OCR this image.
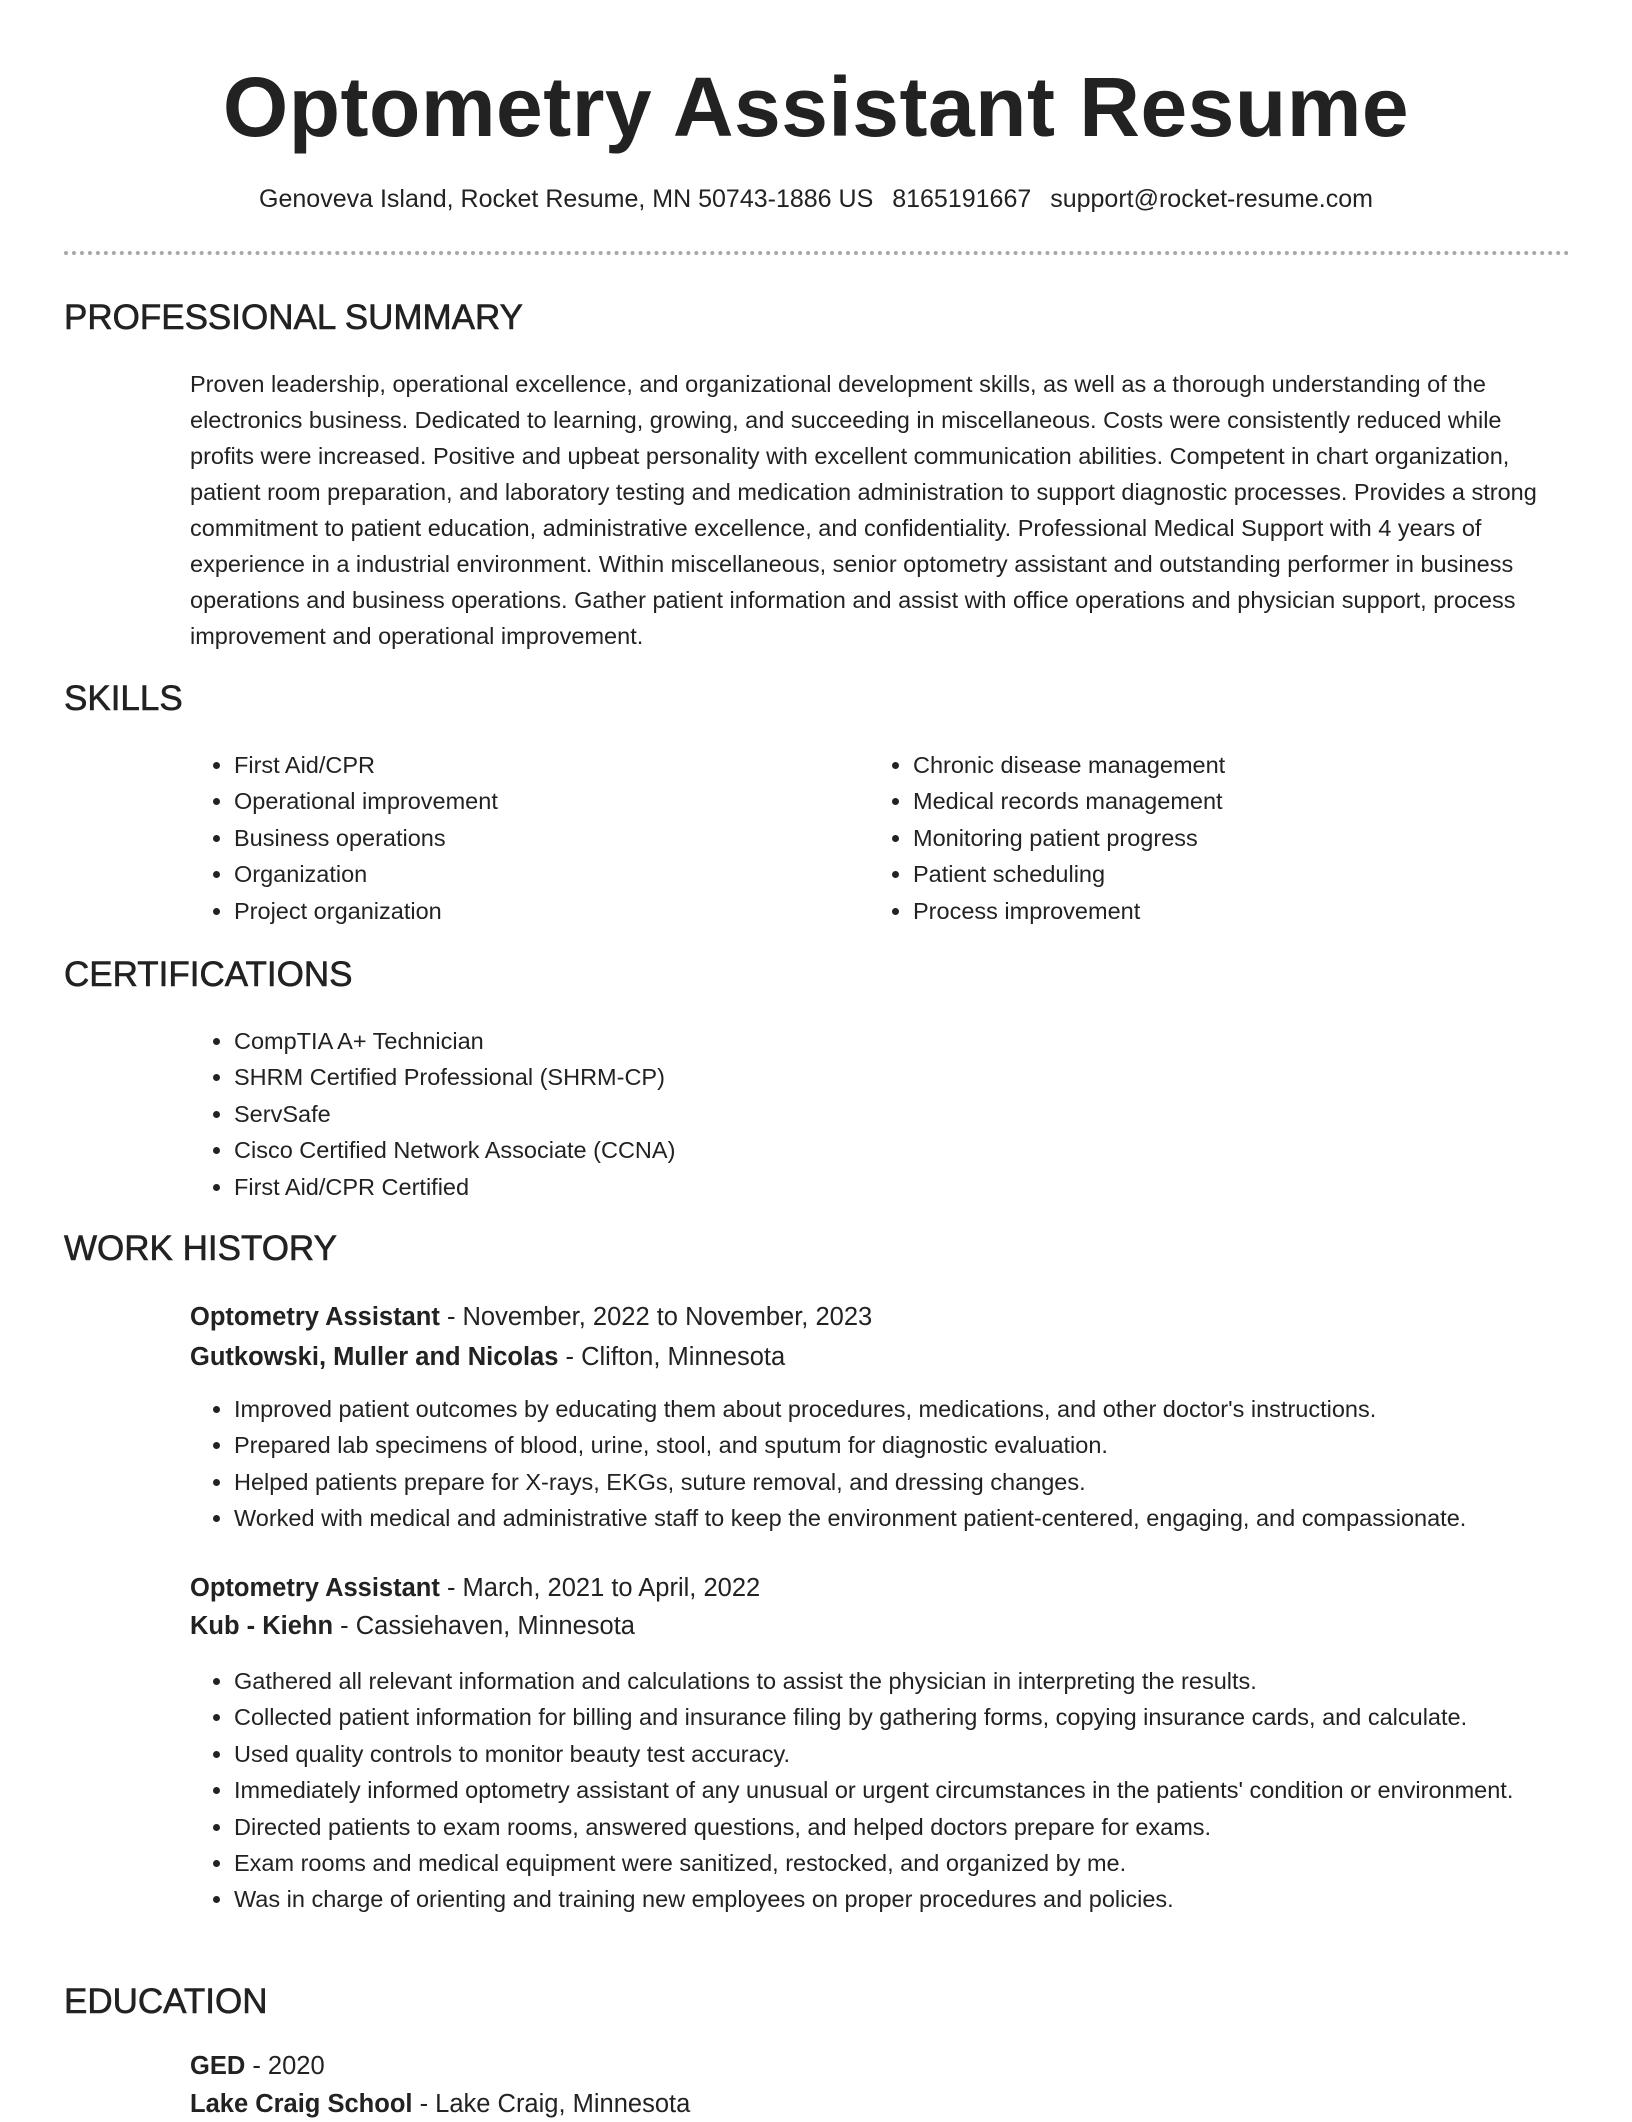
Optometry Assistant Resume
Genoveva Island, Rocket Resume, MN 50743-1886 US 8165191667 support@rocket-resume.com
PROFESSIONAL SUMMARY

Proven leadership, operational excellence, and organizational development skills, as well as a thorough understanding of the electronics business. Dedicated to learning, growing, and succeeding in miscellaneous. Costs were consistently reduced while profits were increased. Positive and upbeat personality with excellent communication abilities. Competent in chart organization, patient room preparation, and laboratory testing and medication administration to support diagnostic processes. Provides a strong commitment to patient education, administrative excellence, and confidentiality. Professional Medical Support with 4 years of experience in a industrial environment. Within miscellaneous, senior optometry assistant and outstanding performer in business operations and business operations. Gather patient information and assist with office operations and physician support, process improvement and operational improvement.

SKILLS
• First Aid/CPR
• Operational improvement
• Business operations
• Organization
• Project organization
• Chronic disease management
• Medical records management
• Monitoring patient progress
• Patient scheduling
• Process improvement
CERTIFICATIONS
• CompTIA A+ Technician
• SHRM Certified Professional (SHRM-CP)
• ServSafe
• Cisco Certified Network Associate (CCNA)
• First Aid/CPR Certified
WORK HISTORY
Optometry Assistant - November, 2022 to November, 2023
Gutkowski, Muller and Nicolas - Clifton, Minnesota
• Improved patient outcomes by educating them about procedures, medications, and other doctor's instructions.
• Prepared lab specimens of blood, urine, stool, and sputum for diagnostic evaluation.
• Helped patients prepare for X-rays, EKGs, suture removal, and dressing changes.
• Worked with medical and administrative staff to keep the environment patient-centered, engaging, and compassionate.
Optometry Assistant - March, 2021 to April, 2022
Kub - Kiehn - Cassiehaven, Minnesota
• Gathered all relevant information and calculations to assist the physician in interpreting the results.
• Collected patient information for billing and insurance filing by gathering forms, copying insurance cards, and calculate.
• Used quality controls to monitor beauty test accuracy.
• Immediately informed optometry assistant of any unusual or urgent circumstances in the patients' condition or environment.
• Directed patients to exam rooms, answered questions, and helped doctors prepare for exams.
• Exam rooms and medical equipment were sanitized, restocked, and organized by me.
• Was in charge of orienting and training new employees on proper procedures and policies.
EDUCATION
GED - 2020
Lake Craig School - Lake Craig, Minnesota
